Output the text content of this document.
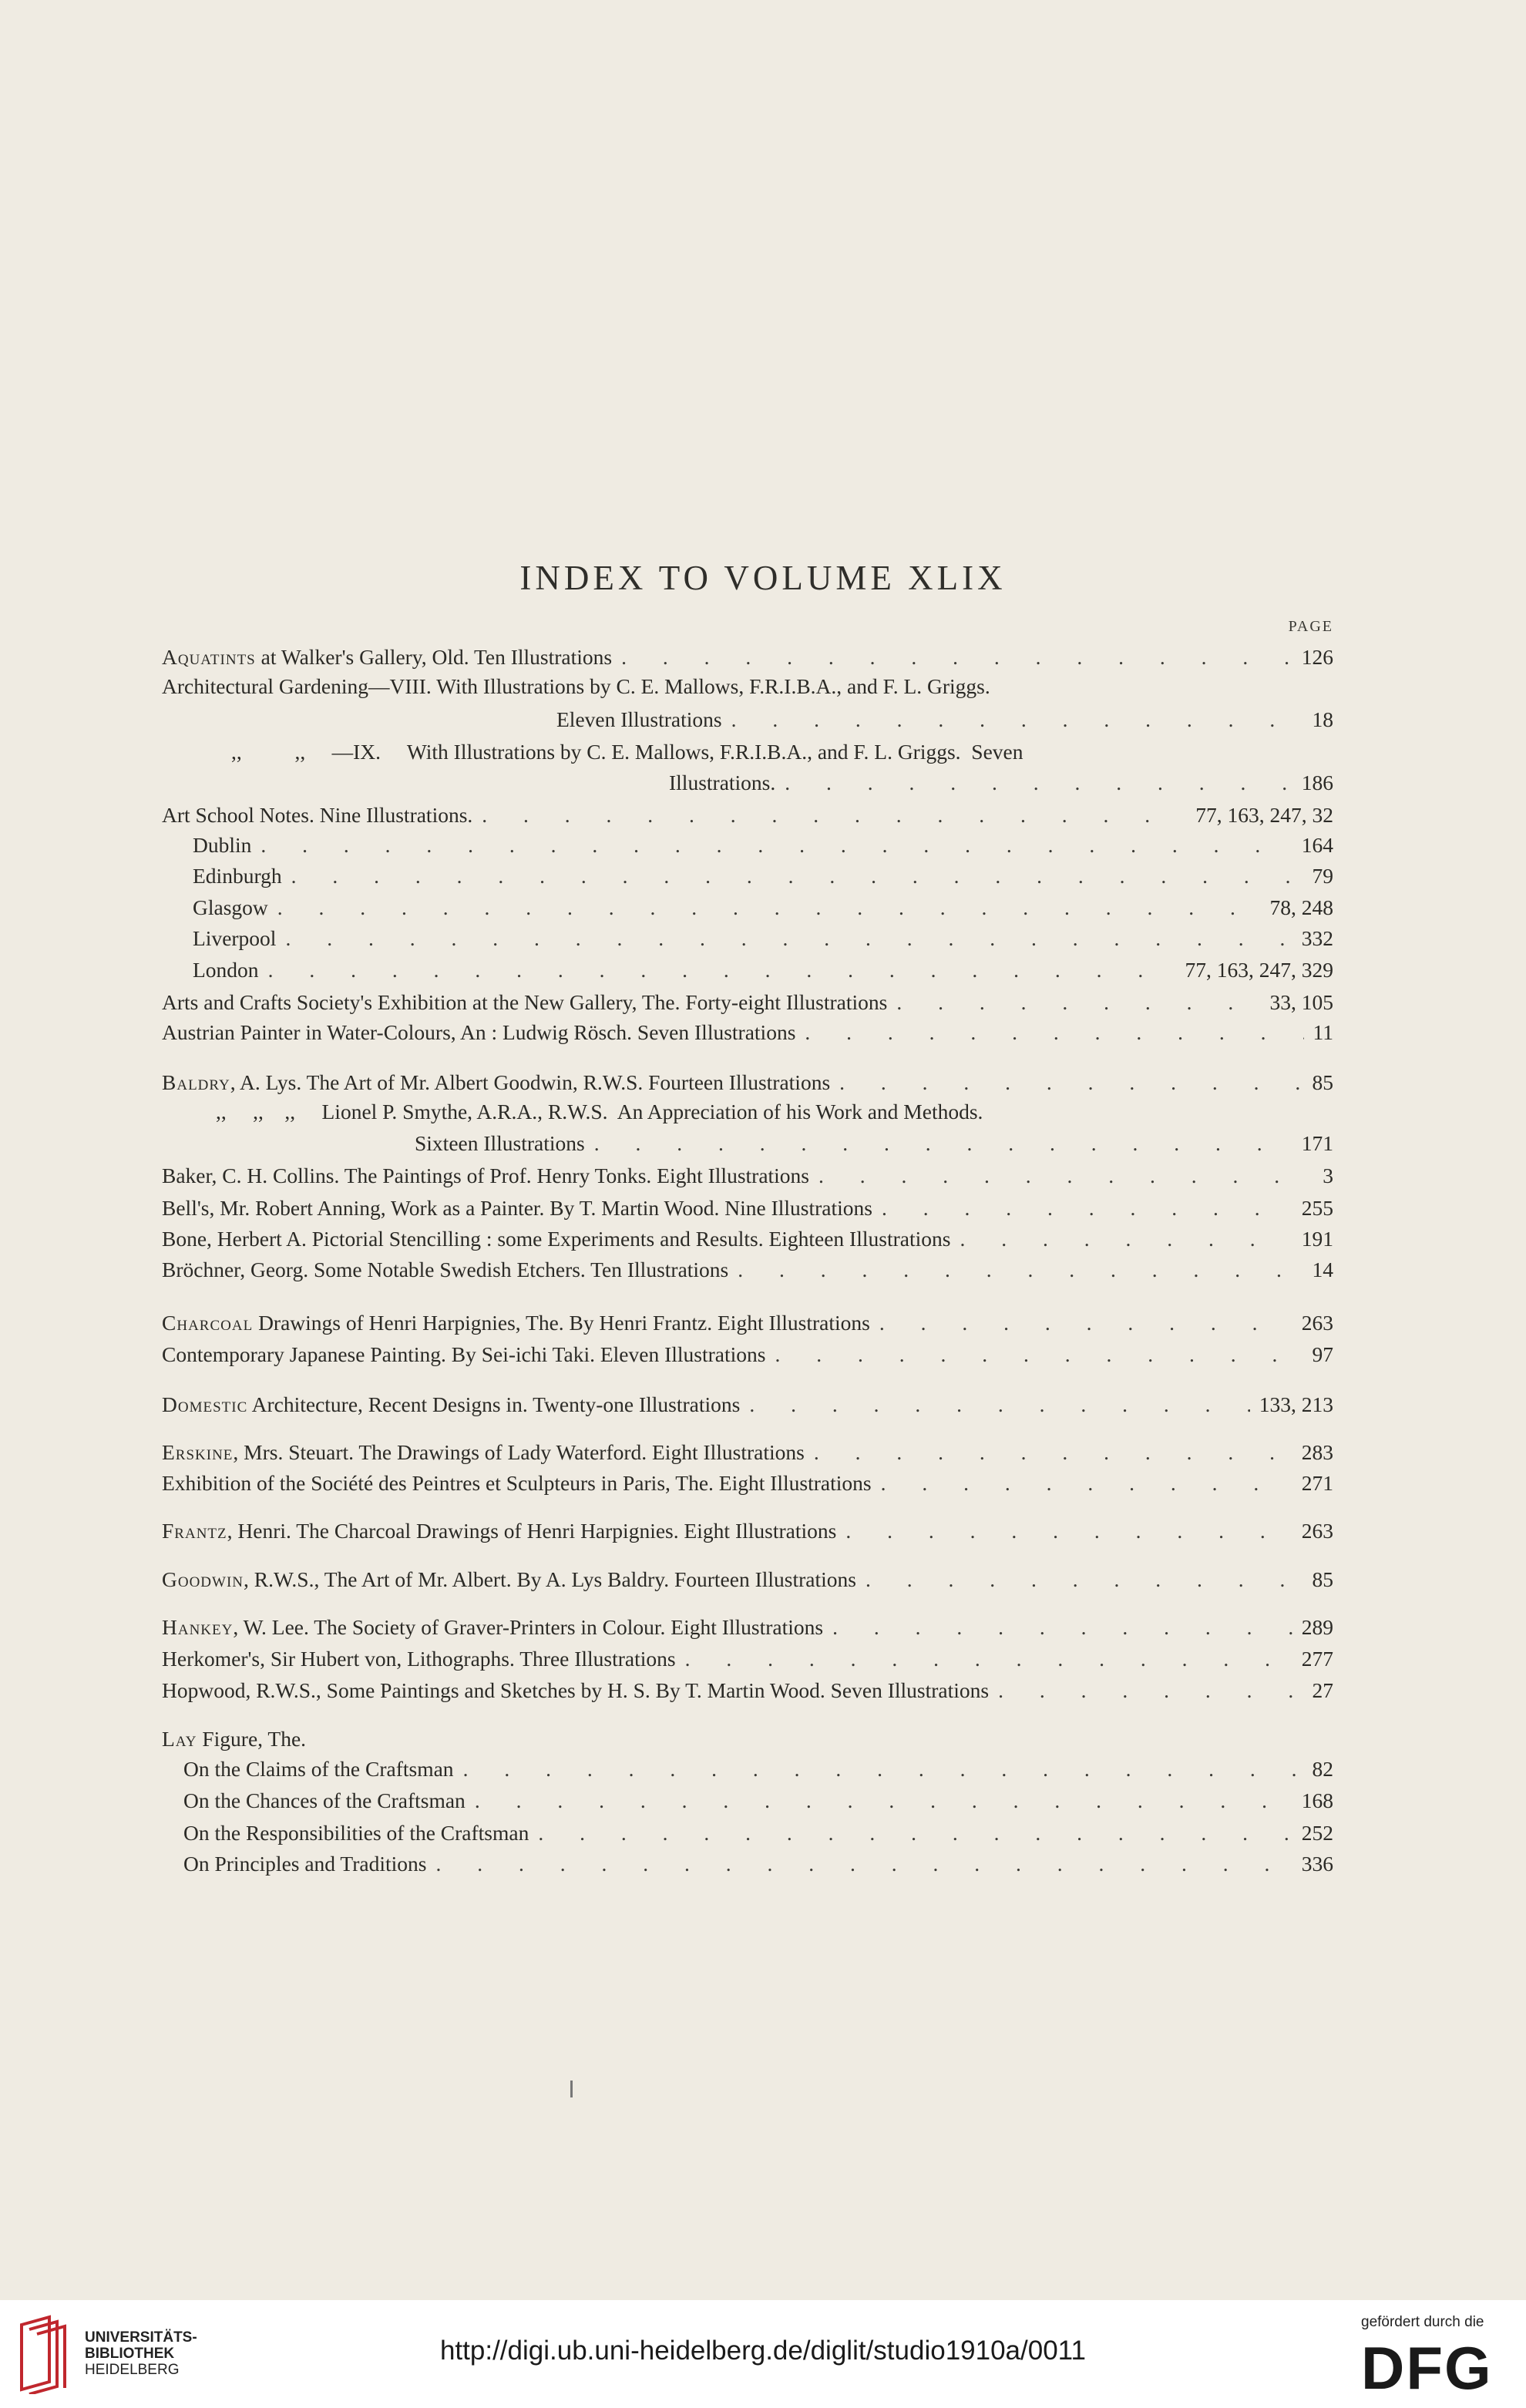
INDEX TO VOLUME XLIX
PAGE
Aquatints at Walker's Gallery, Old. Ten Illustrations . . .	126
Architectural Gardening—VIII. With Illustrations by C. E. Mallows, F.R.I.B.A., and F. L. Griggs.
Eleven Illustrations . . .	18
,,          ,,     —IX.     With Illustrations by C. E. Mallows, F.R.I.B.A., and F. L. Griggs.  Seven
Illustrations. . . .	186
Art School Notes. Nine Illustrations. . . .	77, 163, 247, 32
Dublin . . .	164
Edinburgh . . .	79
Glasgow . . .	78, 248
Liverpool . . .	332
London . . .	77, 163, 247, 329
Arts and Crafts Society's Exhibition at the New Gallery, The. Forty-eight Illustrations . . .	33, 105
Austrian Painter in Water-Colours, An : Ludwig Rösch. Seven Illustrations . . .	11
Baldry, A. Lys. The Art of Mr. Albert Goodwin, R.W.S. Fourteen Illustrations . . .	85
,,     ,,    ,,     Lionel P. Smythe, A.R.A., R.W.S.  An Appreciation of his Work and Methods.
Sixteen Illustrations . . .	171
Baker, C. H. Collins. The Paintings of Prof. Henry Tonks. Eight Illustrations . . .	3
Bell's, Mr. Robert Anning, Work as a Painter. By T. Martin Wood. Nine Illustrations . . .	255
Bone, Herbert A. Pictorial Stencilling : some Experiments and Results. Eighteen Illustrations . . .	191
Bröchner, Georg. Some Notable Swedish Etchers. Ten Illustrations . . .	14
Charcoal Drawings of Henri Harpignies, The. By Henri Frantz. Eight Illustrations . . .	263
Contemporary Japanese Painting. By Sei-ichi Taki. Eleven Illustrations . . .	97
Domestic Architecture, Recent Designs in. Twenty-one Illustrations . . .	133, 213
Erskine, Mrs. Steuart. The Drawings of Lady Waterford. Eight Illustrations . . .	283
Exhibition of the Société des Peintres et Sculpteurs in Paris, The. Eight Illustrations . . .	271
Frantz, Henri. The Charcoal Drawings of Henri Harpignies. Eight Illustrations . . .	263
Goodwin, R.W.S., The Art of Mr. Albert. By A. Lys Baldry. Fourteen Illustrations . . .	85
Hankey, W. Lee. The Society of Graver-Printers in Colour. Eight Illustrations . . .	289
Herkomer's, Sir Hubert von, Lithographs. Three Illustrations . . .	277
Hopwood, R.W.S., Some Paintings and Sketches by H. S. By T. Martin Wood. Seven Illustrations . . .	27
Lay Figure, The.
On the Claims of the Craftsman . . .	82
On the Chances of the Craftsman . . .	168
On the Responsibilities of the Craftsman . . .	252
On Principles and Traditions . . .	336
UNIVERSITÄTS-
BIBLIOTHEK
HEIDELBERG
http://digi.ub.uni-heidelberg.de/diglit/studio1910a/0011
gefördert durch die
DFG
